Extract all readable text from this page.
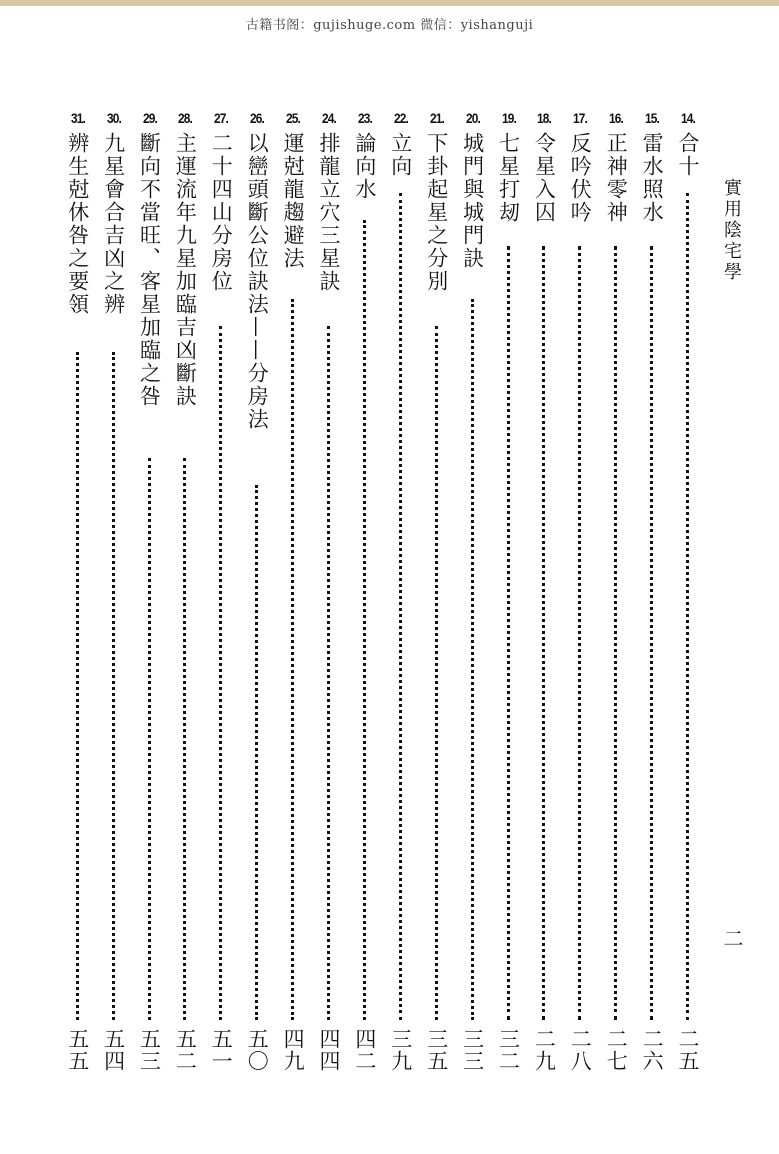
古籍书阁：gujishuge.com 微信：yishanguji
實用陰宅學
二
14.
合十
二五
15.
雷水照水
二六
16.
正神零神
二七
17.
反吟伏吟
二八
18.
令星入囚
二九
19.
七星打刼
三二
20.
城門與城門訣
三三
21.
下卦起星之分別
三五
22.
立向
三九
23.
論向水
四二
24.
排龍立穴三星訣
四四
25.
運尅龍趨避法
四九
26.
以巒頭斷公位訣法——分房法
五〇
27.
二十四山分房位
五一
28.
主運流年九星加臨吉凶斷訣
五二
29.
斷向不當旺、客星加臨之咎
五三
30.
九星會合吉凶之辨
五四
31.
辨生尅休咎之要領
五五
